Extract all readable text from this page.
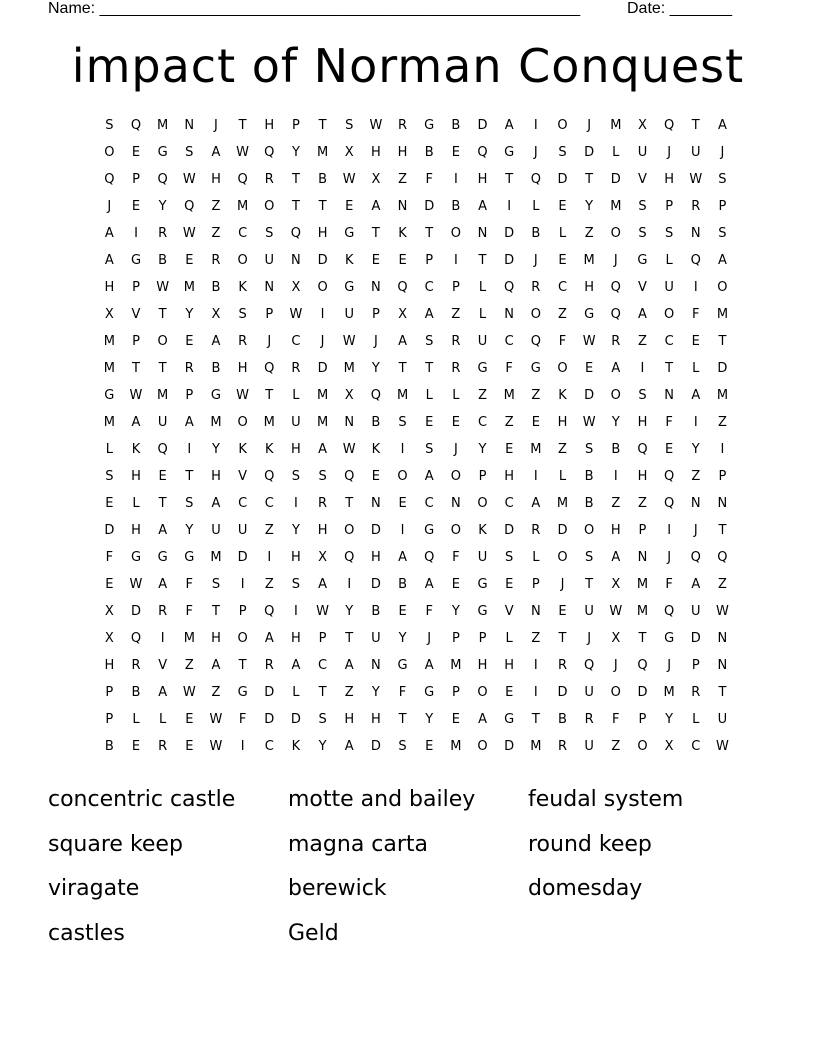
Name: ______________________________________________________	Date: _______
impact of Norman Conquest
S	Q	M	N	J	T	H	P	T	S	W	R	G	B	D	A	I	O	J	M	X	Q	T	A
O	E	G	S	A	W	Q	Y	M	X	H	H	B	E	Q	G	J	S	D	L	U	J	U	J
Q	P	Q	W	H	Q	R	T	B	W	X	Z	F	I	H	T	Q	D	T	D	V	H	W	S
J	E	Y	Q	Z	M	O	T	T	E	A	N	D	B	A	I	L	E	Y	M	S	P	R	P
A	I	R	W	Z	C	S	Q	H	G	T	K	T	O	N	D	B	L	Z	O	S	S	N	S
A	G	B	E	R	O	U	N	D	K	E	E	P	I	T	D	J	E	M	J	G	L	Q	A
H	P	W	M	B	K	N	X	O	G	N	Q	C	P	L	Q	R	C	H	Q	V	U	I	O
X	V	T	Y	X	S	P	W	I	U	P	X	A	Z	L	N	O	Z	G	Q	A	O	F	M
M	P	O	E	A	R	J	C	J	W	J	A	S	R	U	C	Q	F	W	R	Z	C	E	T
M	T	T	R	B	H	Q	R	D	M	Y	T	T	R	G	F	G	O	E	A	I	T	L	D
G	W	M	P	G	W	T	L	M	X	Q	M	L	L	Z	M	Z	K	D	O	S	N	A	M
M	A	U	A	M	O	M	U	M	N	B	S	E	E	C	Z	E	H	W	Y	H	F	I	Z
L	K	Q	I	Y	K	K	H	A	W	K	I	S	J	Y	E	M	Z	S	B	Q	E	Y	I
S	H	E	T	H	V	Q	S	S	Q	E	O	A	O	P	H	I	L	B	I	H	Q	Z	P
E	L	T	S	A	C	C	I	R	T	N	E	C	N	O	C	A	M	B	Z	Z	Q	N	N
D	H	A	Y	U	U	Z	Y	H	O	D	I	G	O	K	D	R	D	O	H	P	I	J	T
F	G	G	G	M	D	I	H	X	Q	H	A	Q	F	U	S	L	O	S	A	N	J	Q	Q
E	W	A	F	S	I	Z	S	A	I	D	B	A	E	G	E	P	J	T	X	M	F	A	Z
X	D	R	F	T	P	Q	I	W	Y	B	E	F	Y	G	V	N	E	U	W	M	Q	U	W
X	Q	I	M	H	O	A	H	P	T	U	Y	J	P	P	L	Z	T	J	X	T	G	D	N
H	R	V	Z	A	T	R	A	C	A	N	G	A	M	H	H	I	R	Q	J	Q	J	P	N
P	B	A	W	Z	G	D	L	T	Z	Y	F	G	P	O	E	I	D	U	O	D	M	R	T
P	L	L	E	W	F	D	D	S	H	H	T	Y	E	A	G	T	B	R	F	P	Y	L	U
B	E	R	E	W	I	C	K	Y	A	D	S	E	M	O	D	M	R	U	Z	O	X	C	W
concentric castle	motte and bailey	feudal system
square keep	magna carta	round keep
viragate	berewick	domesday
castles	Geld
